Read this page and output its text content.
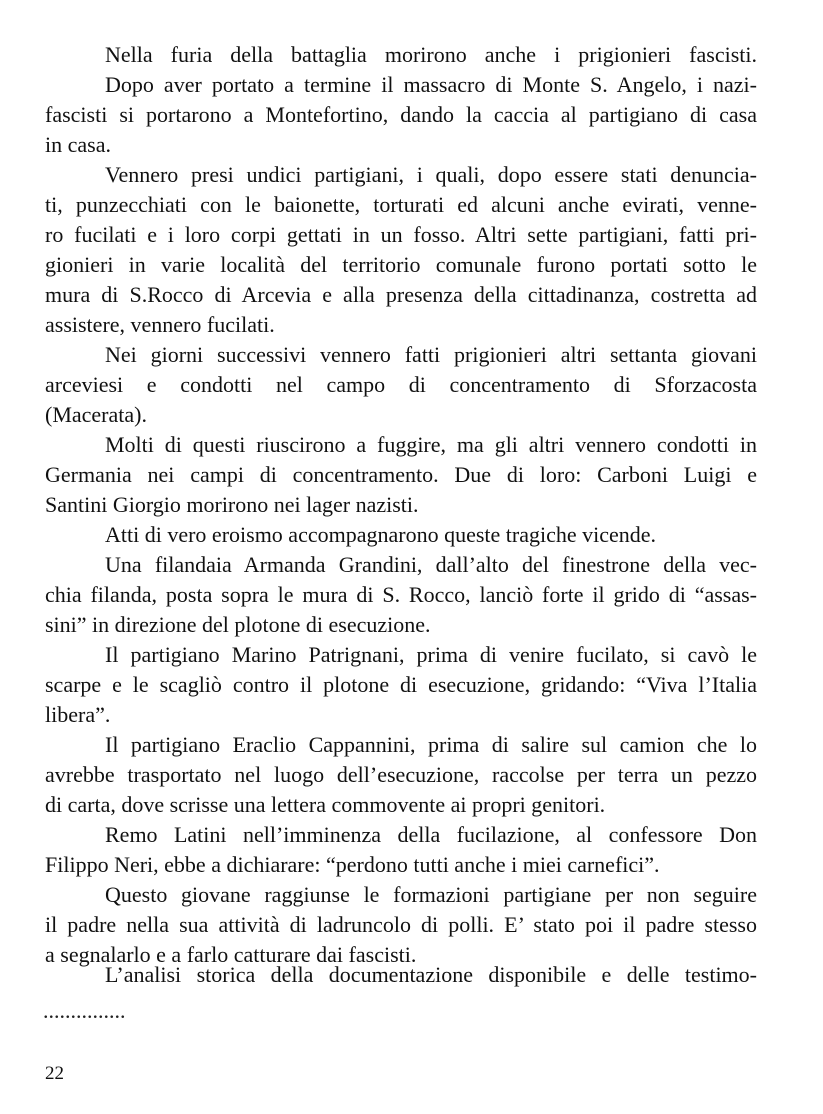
Nella furia della battaglia morirono anche i prigionieri fascisti.
Dopo aver portato a termine il massacro di Monte S. Angelo, i nazi-
fascisti si portarono a Montefortino, dando la caccia al partigiano di casa
in casa.
Vennero presi undici partigiani, i quali, dopo essere stati denuncia-
ti, punzecchiati con le baionette, torturati ed alcuni anche evirati, venne-
ro fucilati e i loro corpi gettati in un fosso. Altri sette partigiani, fatti pri-
gionieri in varie località del territorio comunale furono portati sotto le
mura di S.Rocco di Arcevia e alla presenza della cittadinanza, costretta ad
assistere, vennero fucilati.
Nei giorni successivi vennero fatti prigionieri altri settanta giovani
arceviesi e condotti nel campo di concentramento di Sforzacosta
(Macerata).
Molti di questi riuscirono a fuggire, ma gli altri vennero condotti in
Germania nei campi di concentramento. Due di loro: Carboni Luigi e
Santini Giorgio morirono nei lager nazisti.
Atti di vero eroismo accompagnarono queste tragiche vicende.
Una filandaia Armanda Grandini, dall’alto del finestrone della vec-
chia filanda, posta sopra le mura di S. Rocco, lanciò forte il grido di “assas-
sini” in direzione del plotone di esecuzione.
Il partigiano Marino Patrignani, prima di venire fucilato, si cavò le
scarpe e le scagliò contro il plotone di esecuzione, gridando: “Viva l’Italia
libera”.
Il partigiano Eraclio Cappannini, prima di salire sul camion che lo
avrebbe trasportato nel luogo dell’esecuzione, raccolse per terra un pezzo
di carta, dove scrisse una lettera commovente ai propri genitori.
Remo Latini nell’imminenza della fucilazione, al confessore Don
Filippo Neri, ebbe a dichiarare: “perdono tutti anche i miei carnefici”.
Questo giovane raggiunse le formazioni partigiane per non seguire
il padre nella sua attività di ladruncolo di polli. E’ stato poi il padre stesso
a segnalarlo e a farlo catturare dai fascisti.
L’analisi storica della documentazione disponibile e delle testimo-
...............
22
